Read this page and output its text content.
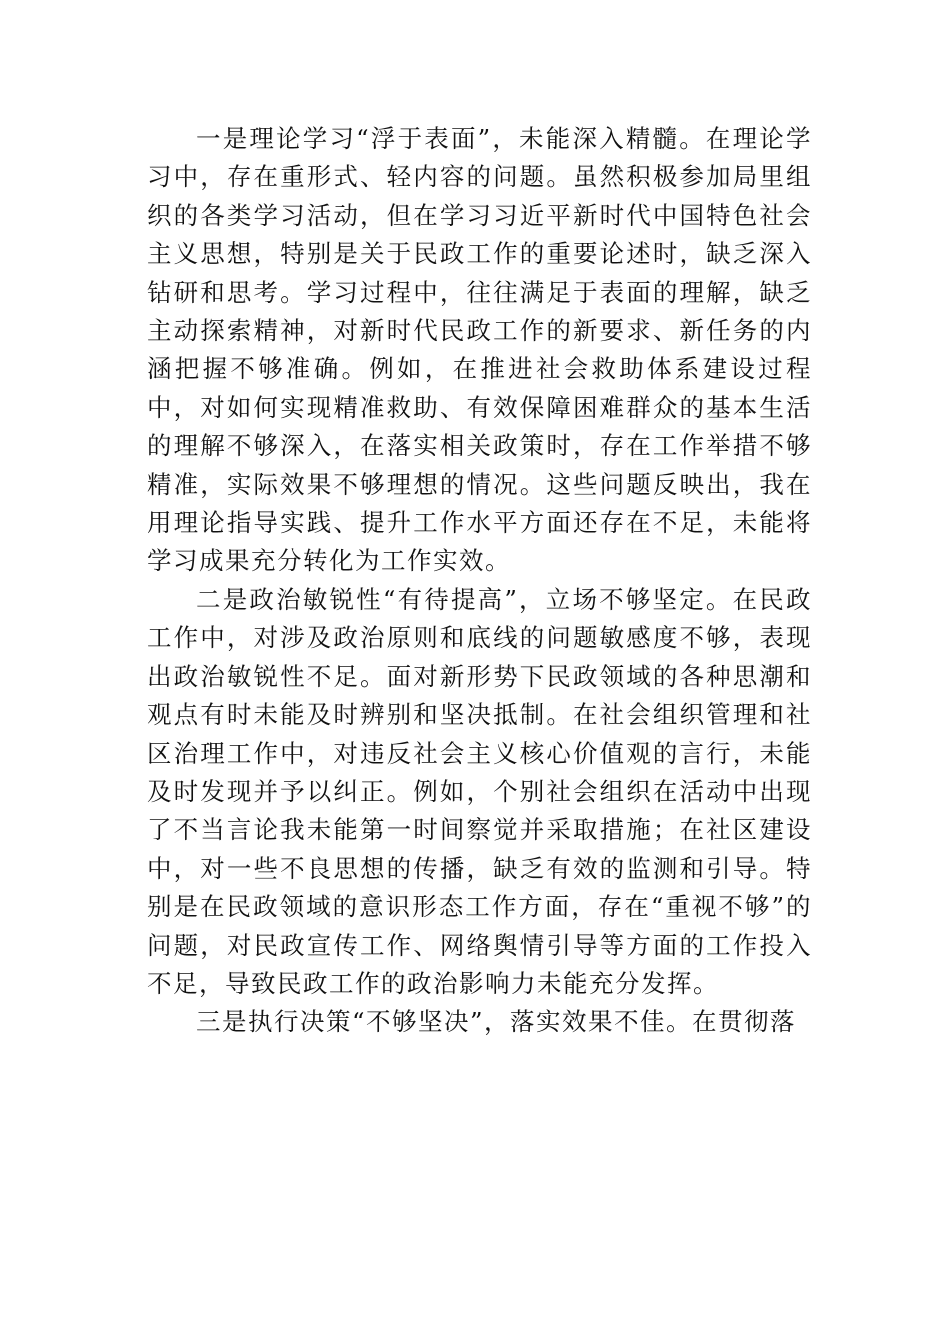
一是理论学习“浮于表面”，未能深入精髓。在理论学习中，存在重形式、轻内容的问题。虽然积极参加局里组织的各类学习活动，但在学习习近平新时代中国特色社会主义思想，特别是关于民政工作的重要论述时，缺乏深入钻研和思考。学习过程中，往往满足于表面的理解，缺乏主动探索精神，对新时代民政工作的新要求、新任务的内涵把握不够准确。例如，在推进社会救助体系建设过程中，对如何实现精准救助、有效保障困难群众的基本生活的理解不够深入，在落实相关政策时，存在工作举措不够精准，实际效果不够理想的情况。这些问题反映出，我在用理论指导实践、提升工作水平方面还存在不足，未能将学习成果充分转化为工作实效。

二是政治敏锐性“有待提高”，立场不够坚定。在民政工作中，对涉及政治原则和底线的问题敏感度不够，表现出政治敏锐性不足。面对新形势下民政领域的各种思潮和观点有时未能及时辨别和坚决抵制。在社会组织管理和社区治理工作中，对违反社会主义核心价值观的言行，未能及时发现并予以纠正。例如，个别社会组织在活动中出现了不当言论我未能第一时间察觉并采取措施；在社区建设中，对一些不良思想的传播，缺乏有效的监测和引导。特别是在民政领域的意识形态工作方面，存在“重视不够”的问题，对民政宣传工作、网络舆情引导等方面的工作投入不足，导致民政工作的政治影响力未能充分发挥。

三是执行决策“不够坚决”，落实效果不佳。在贯彻落
